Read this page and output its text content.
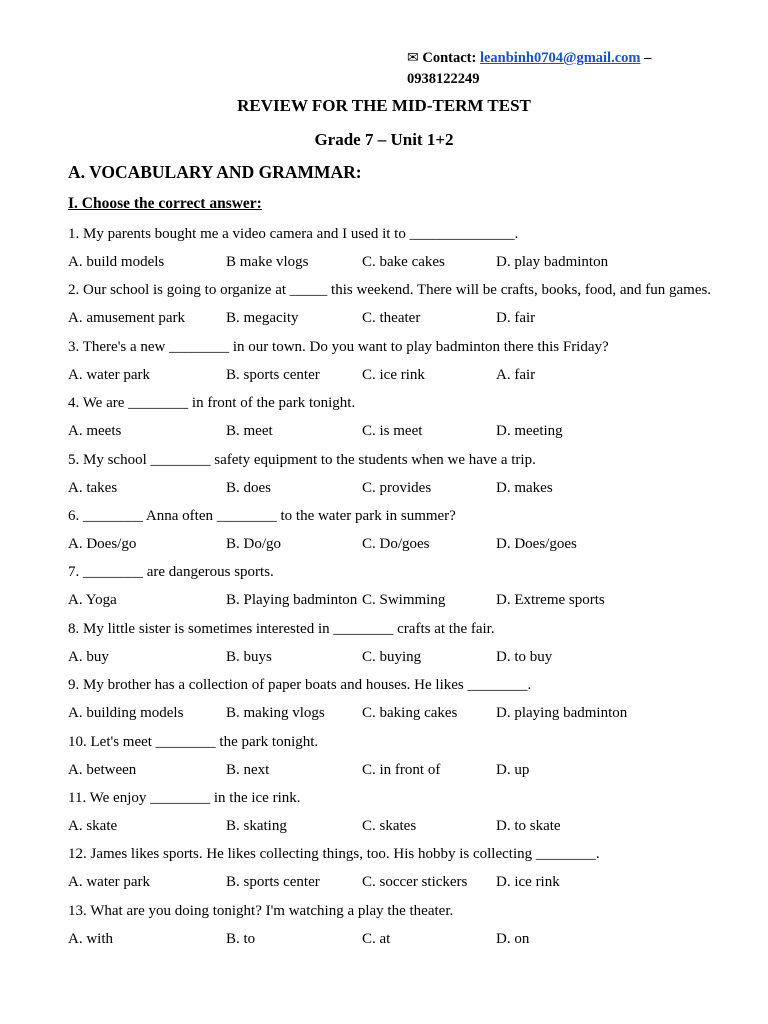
✉ Contact: leanbinh0704@gmail.com –
0938122249
REVIEW FOR THE MID-TERM TEST
Grade 7 – Unit 1+2
A. VOCABULARY AND GRAMMAR:
I. Choose the correct answer:
1. My parents bought me a video camera and I used it to ______________.
A. build models	B make vlogs	C. bake cakes	D. play badminton
2. Our school is going to organize at _____ this weekend. There will be crafts, books, food, and fun games.
A. amusement park	B. megacity	C. theater	D. fair
3. There's a new ________ in our town. Do you want to play badminton there this Friday?
A. water park	B. sports center	C. ice rink	A. fair
4. We are ________ in front of the park tonight.
A. meets	B. meet	C. is meet	D. meeting
5. My school ________ safety equipment to the students when we have a trip.
A. takes	B. does	C. provides	D. makes
6. ________ Anna often ________ to the water park in summer?
A. Does/go	B. Do/go	C. Do/goes	D. Does/goes
7. ________ are dangerous sports.
A. Yoga	B. Playing badminton C. Swimming	D. Extreme sports
8. My little sister is sometimes interested in ________ crafts at the fair.
A. buy	B. buys	C. buying	D. to buy
9. My brother has a collection of paper boats and houses. He likes ________.
A. building models	B. making vlogs C. baking cakes	D. playing badminton
10. Let's meet ________ the park tonight.
A. between	B. next	C. in front of	D. up
11. We enjoy ________ in the ice rink.
A. skate	B. skating	C. skates	D. to skate
12. James likes sports. He likes collecting things, too. His hobby is collecting ________.
A. water park	B. sports center	C. soccer stickers D. ice rink
13. What are you doing tonight? I'm watching a play the theater.
A. with	B. to	C. at	D. on
